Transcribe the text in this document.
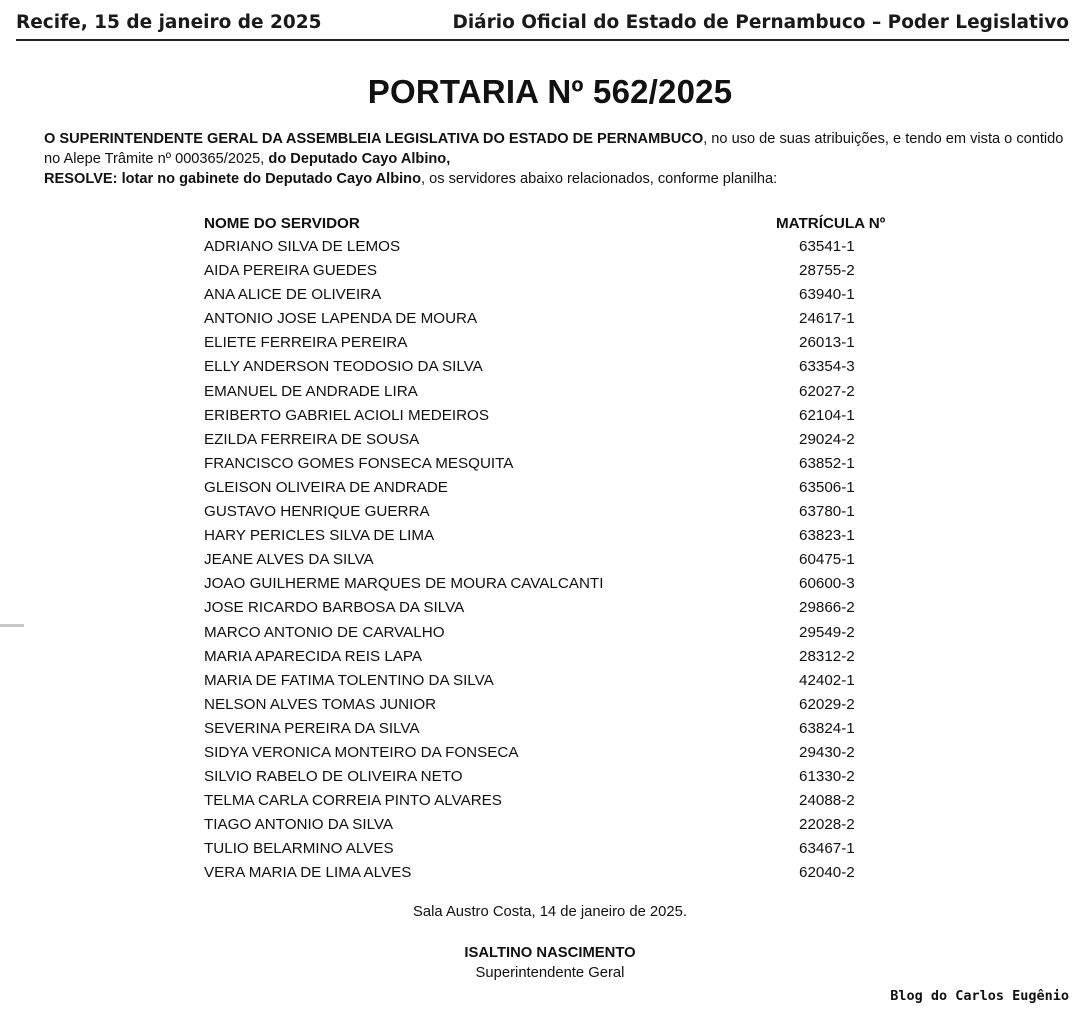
Recife, 15 de janeiro de 2025	Diário Oficial do Estado de Pernambuco – Poder Legislativo
PORTARIA Nº 562/2025
O SUPERINTENDENTE GERAL DA ASSEMBLEIA LEGISLATIVA DO ESTADO DE PERNAMBUCO, no uso de suas atribuições, e tendo em vista o contido no Alepe Trâmite nº 000365/2025, do Deputado Cayo Albino,
RESOLVE: lotar no gabinete do Deputado Cayo Albino, os servidores abaixo relacionados, conforme planilha:
NOME DO SERVIDOR	MATRÍCULA Nº
ADRIANO SILVA DE LEMOS	63541-1
AIDA PEREIRA GUEDES	28755-2
ANA ALICE DE OLIVEIRA	63940-1
ANTONIO JOSE LAPENDA DE MOURA	24617-1
ELIETE FERREIRA PEREIRA	26013-1
ELLY ANDERSON TEODOSIO DA SILVA	63354-3
EMANUEL DE ANDRADE LIRA	62027-2
ERIBERTO GABRIEL ACIOLI MEDEIROS	62104-1
EZILDA FERREIRA DE SOUSA	29024-2
FRANCISCO GOMES FONSECA MESQUITA	63852-1
GLEISON OLIVEIRA DE ANDRADE	63506-1
GUSTAVO HENRIQUE GUERRA	63780-1
HARY PERICLES SILVA DE LIMA	63823-1
JEANE ALVES DA SILVA	60475-1
JOAO GUILHERME MARQUES DE MOURA CAVALCANTI	60600-3
JOSE RICARDO BARBOSA DA SILVA	29866-2
MARCO ANTONIO DE CARVALHO	29549-2
MARIA APARECIDA REIS LAPA	28312-2
MARIA DE FATIMA TOLENTINO DA SILVA	42402-1
NELSON ALVES TOMAS JUNIOR	62029-2
SEVERINA PEREIRA DA SILVA	63824-1
SIDYA VERONICA MONTEIRO DA FONSECA	29430-2
SILVIO RABELO DE OLIVEIRA NETO	61330-2
TELMA CARLA CORREIA PINTO ALVARES	24088-2
TIAGO ANTONIO DA SILVA	22028-2
TULIO BELARMINO ALVES	63467-1
VERA MARIA DE LIMA ALVES	62040-2
Sala Austro Costa, 14 de janeiro de 2025.
ISALTINO NASCIMENTO
Superintendente Geral
Blog do Carlos Eugênio
